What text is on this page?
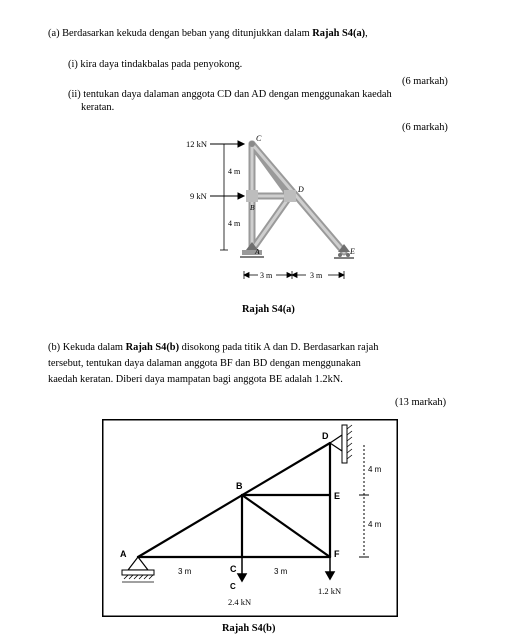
(a) Berdasarkan kekuda dengan beban yang ditunjukkan dalam Rajah S4(a),
(i) kira daya tindakbalas pada penyokong.
(6 markah)
(ii) tentukan daya dalaman anggota CD dan AD dengan menggunakan kaedah
keratan.
(6 markah)
12 kN
9 kN
4 m
4 m
3 m	3 m
C
B
D
A	E
Rajah S4(a)
(b) Kekuda dalam Rajah S4(b) disokong pada titik A dan D. Berdasarkan rajah
tersebut, tentukan daya dalaman anggota BF dan BD dengan menggunakan
kaedah keratan. Diberi daya mampatan bagi anggota BE adalah 1.2kN.
(13 markah)
A
B
C
C
D
E
F
4 m
4 m
3 m	3 m
2.4 kN
1.2 kN
Rajah S4(b)
